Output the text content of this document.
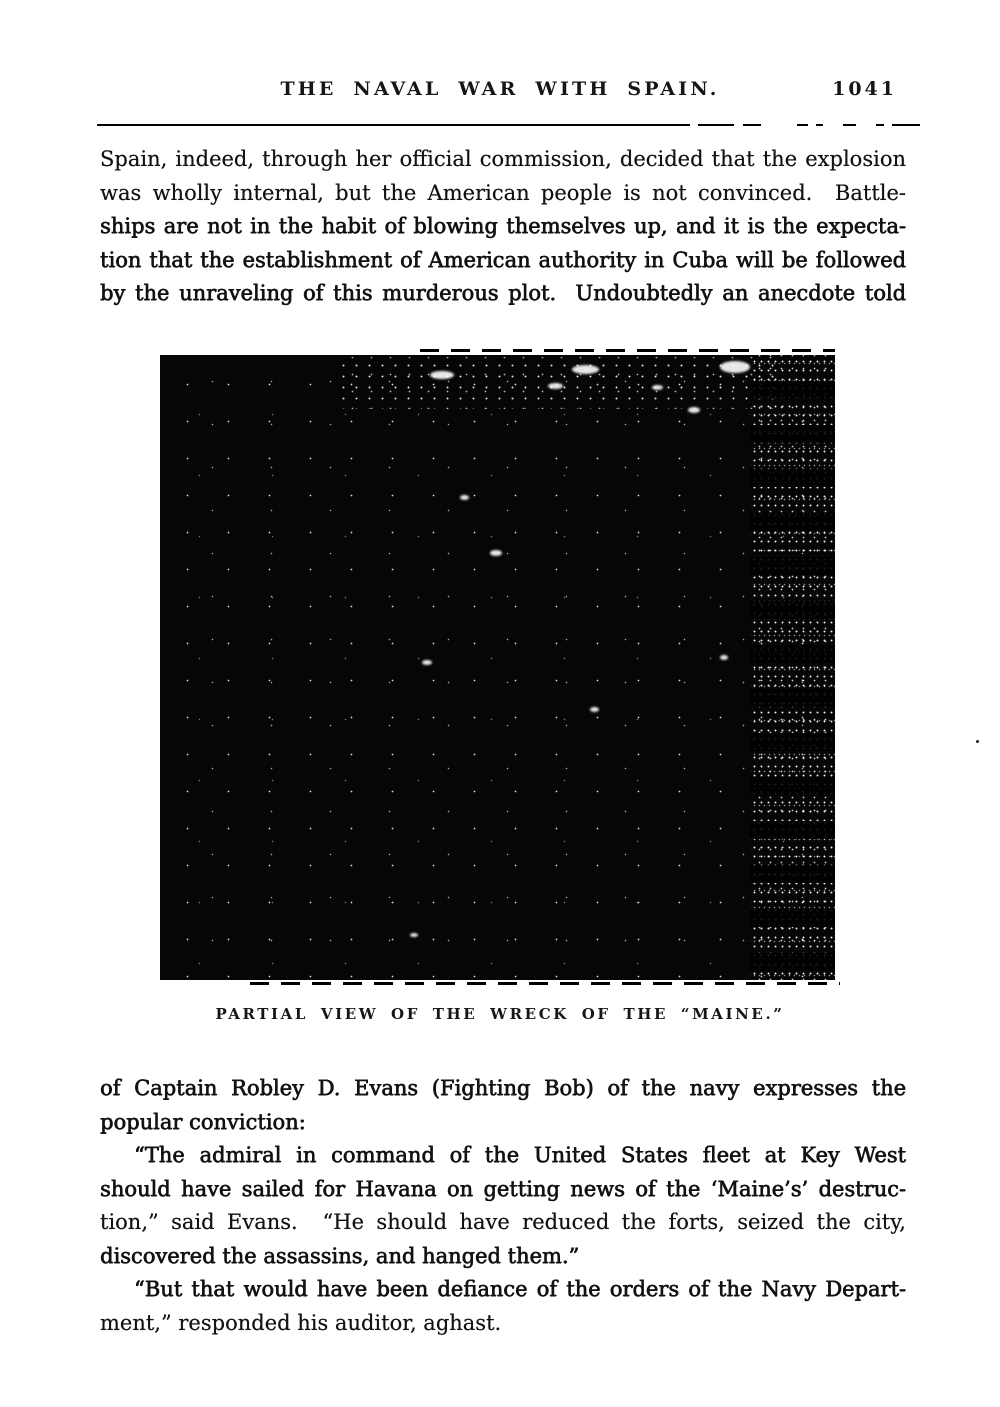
THE NAVAL WAR WITH SPAIN.	1041
Spain, indeed, through her official commission, decided that the explosion
was wholly internal, but the American people is not convinced.  Battle-
ships are not in the habit of blowing themselves up, and it is the expecta-
tion that the establishment of American authority in Cuba will be followed
by the unraveling of this murderous plot.  Undoubtedly an anecdote told
PARTIAL VIEW OF THE WRECK OF THE “MAINE.”
of Captain Robley D. Evans (Fighting Bob) of the navy expresses the
popular conviction:
“The admiral in command of the United States fleet at Key West
should have sailed for Havana on getting news of the ‘Maine’s’ destruc-
tion,” said Evans.  “He should have reduced the forts, seized the city,
discovered the assassins, and hanged them.”
“But that would have been defiance of the orders of the Navy Depart-
ment,” responded his auditor, aghast.
